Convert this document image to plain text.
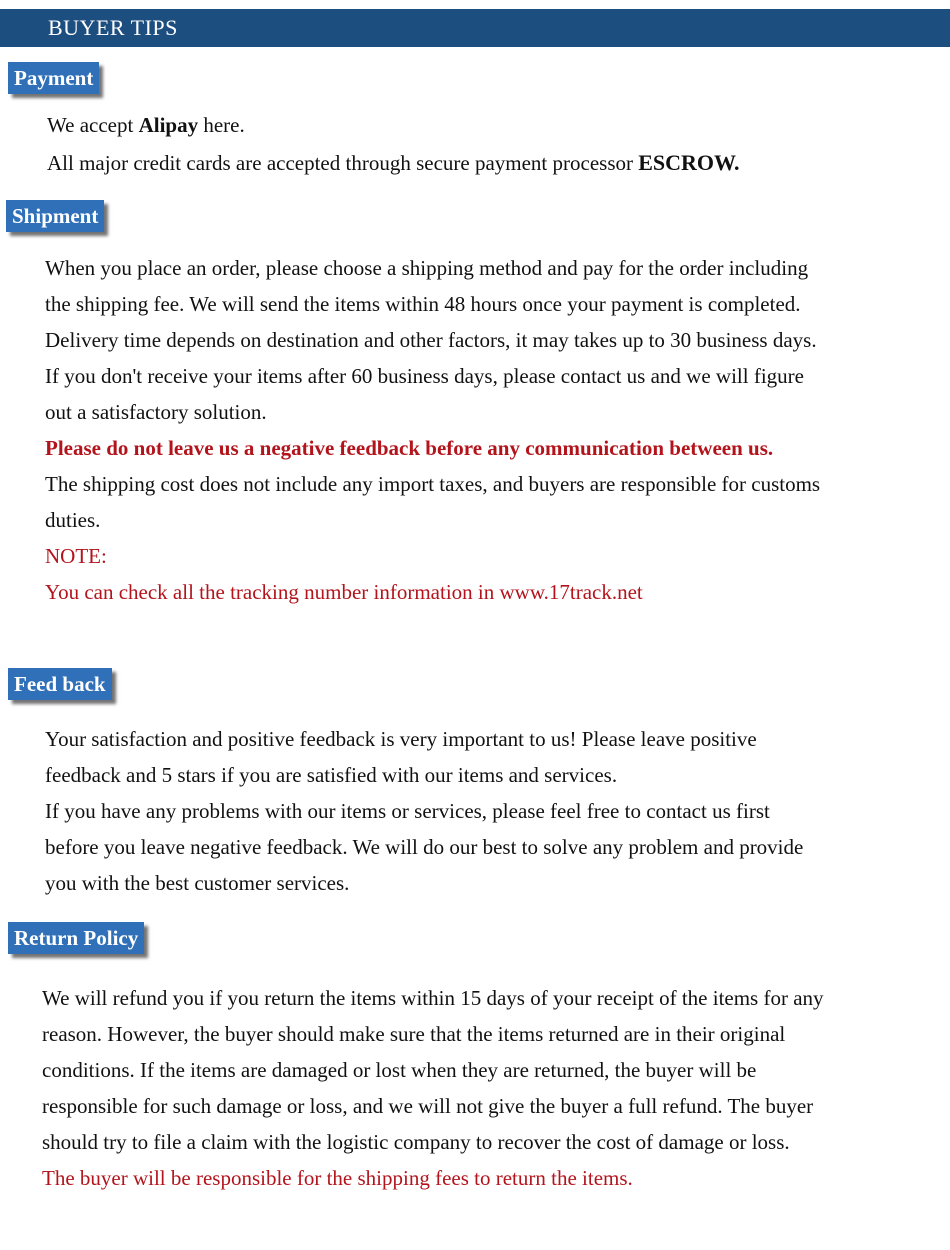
BUYER TIPS
Payment

We accept Alipay here.

All major credit cards are accepted through secure payment processor ESCROW.

Shipment

When you place an order, please choose a shipping method and pay for the order including

the shipping fee. We will send the items within 48 hours once your payment is completed.

Delivery time depends on destination and other factors, it may takes up to 30 business days.

If you don't receive your items after 60 business days, please contact us and we will figure

out a satisfactory solution.

Please do not leave us a negative feedback before any communication between us.

The shipping cost does not include any import taxes, and buyers are responsible for customs

duties.

NOTE:

You can check all the tracking number information in www.17track.net

Feed back

Your satisfaction and positive feedback is very important to us! Please leave positive

feedback and 5 stars if you are satisfied with our items and services.

If you have any problems with our items or services, please feel free to contact us first

before you leave negative feedback. We will do our best to solve any problem and provide

you with the best customer services.

Return Policy

We will refund you if you return the items within 15 days of your receipt of the items for any

reason. However, the buyer should make sure that the items returned are in their original

conditions. If the items are damaged or lost when they are returned, the buyer will be

responsible for such damage or loss, and we will not give the buyer a full refund. The buyer

should try to file a claim with the logistic company to recover the cost of damage or loss.

The buyer will be responsible for the shipping fees to return the items.
